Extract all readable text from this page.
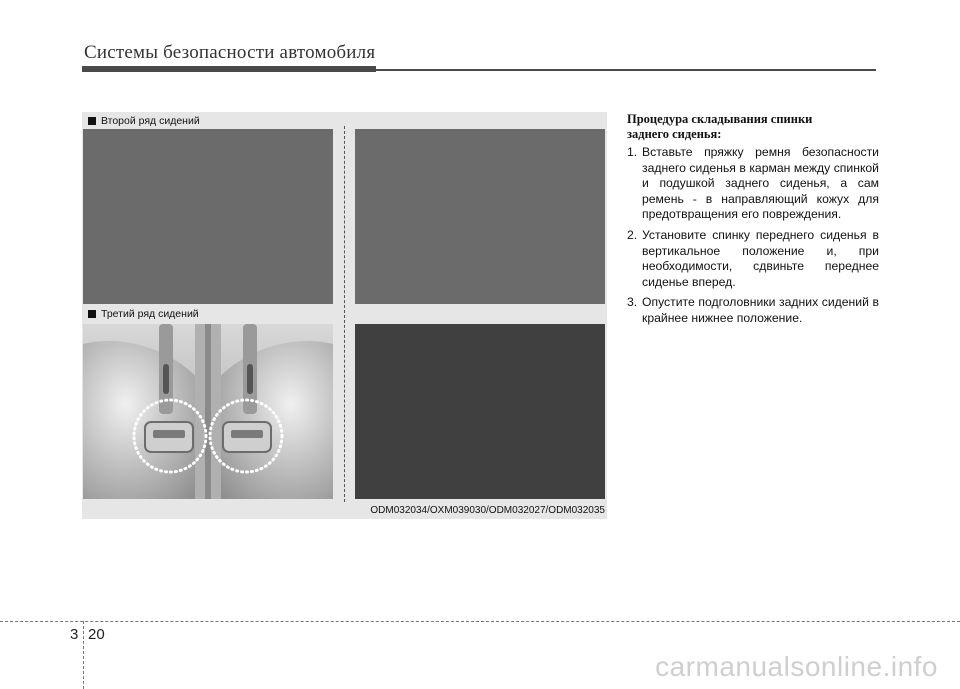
Системы безопасности автомобиля
Второй ряд сидений
Третий ряд сидений
ODM032034/OXM039030/ODM032027/ODM032035
Процедура складывания спинки
заднего сиденья:
1. Вставьте пряжку ремня безопасности заднего сиденья в карман между спинкой и подушкой заднего сиденья, а сам ремень - в направляющий кожух для предотвращения его повреждения.
2. Установите спинку переднего сиденья в вертикальное положение и, при необходимости, сдвиньте переднее сиденье вперед.
3. Опустите подголовники задних сидений в крайнее нижнее положение.
3 20
carmanualsonline.info
